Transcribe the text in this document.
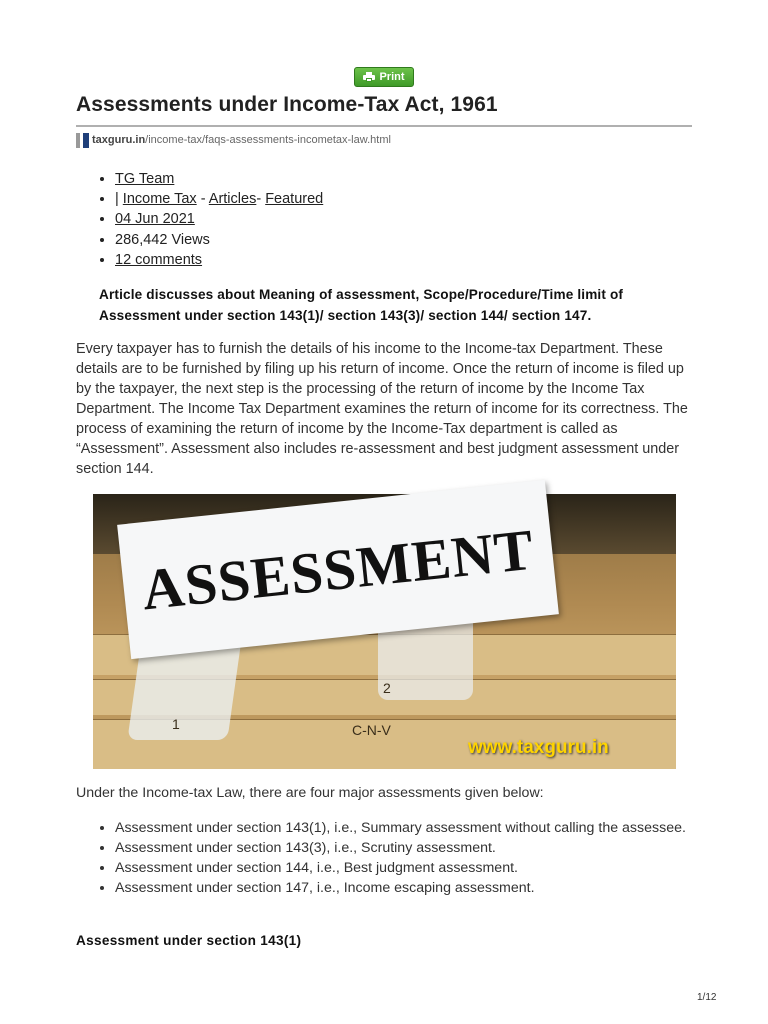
Print
Assessments under Income-Tax Act, 1961
taxguru.in /income-tax/faqs-assessments-incometax-law.html
• TG Team
• | Income Tax - Articles- Featured
• 04 Jun 2021
• 286,442 Views
• 12 comments

Article discusses about Meaning of assessment, Scope/Procedure/Time limit of Assessment under section 143(1)/ section 143(3)/ section 144/ section 147.

Every taxpayer has to furnish the details of his income to the Income-tax Department. These details are to be furnished by filing up his return of income. Once the return of income is filed up by the taxpayer, the next step is the processing of the return of income by the Income Tax Department. The Income Tax Department examines the return of income for its correctness. The process of examining the return of income by the Income-Tax department is called as “Assessment”. Assessment also includes re-assessment and best judgment assessment under section 144.

ASSESSMENT
2
C-N-V
1
www.taxguru.in

Under the Income-tax Law, there are four major assessments given below:

• Assessment under section 143(1), i.e., Summary assessment without calling the assessee.
• Assessment under section 143(3), i.e., Scrutiny assessment.
• Assessment under section 144, i.e., Best judgment assessment.
• Assessment under section 147, i.e., Income escaping assessment.
Assessment under section 143(1)
1/12
